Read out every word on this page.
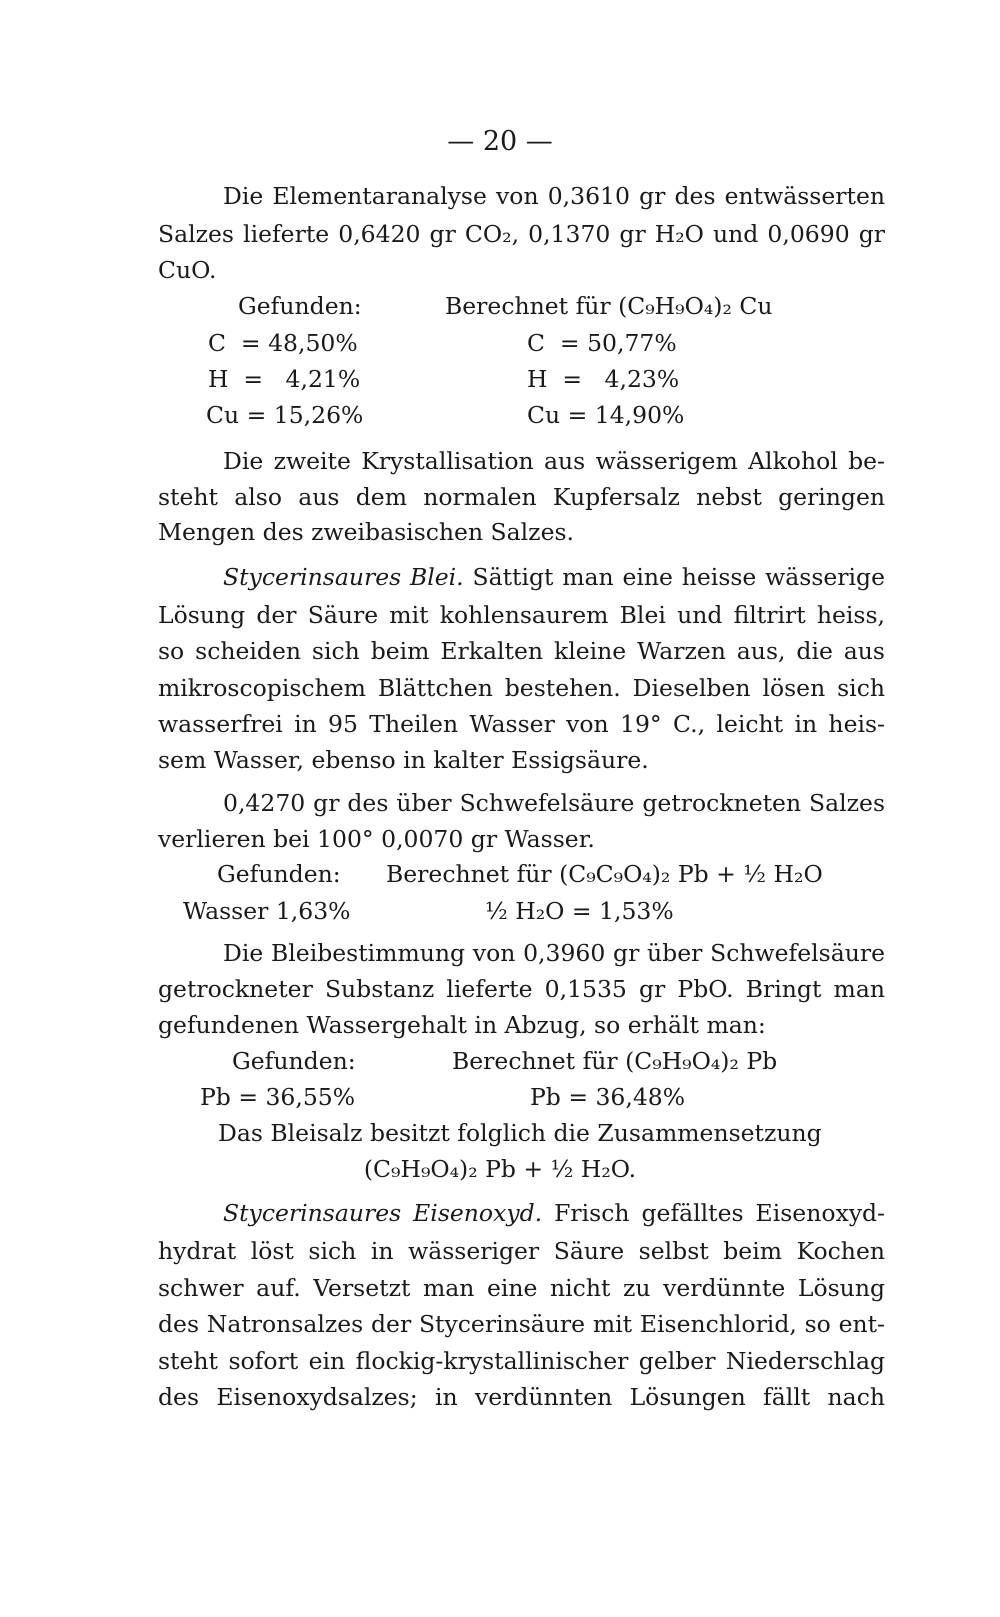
— 20 —
Die Elementaranalyse von 0,3610 gr des entwässerten
Salzes lieferte 0,6420 gr CO₂, 0,1370 gr H₂O und 0,0690 gr
CuO.
Gefunden:	Berechnet für (C₉H₉O₄)₂ Cu
C  = 48,50%	C  = 50,77%
H  =   4,21%	H  =   4,23%
Cu = 15,26%	Cu = 14,90%
Die zweite Krystallisation aus wässerigem Alkohol be-
steht also aus dem normalen Kupfersalz nebst geringen
Mengen des zweibasischen Salzes.
Stycerinsaures Blei. Sättigt man eine heisse wässerige
Lösung der Säure mit kohlensaurem Blei und filtrirt heiss,
so scheiden sich beim Erkalten kleine Warzen aus, die aus
mikroscopischem Blättchen bestehen. Dieselben lösen sich
wasserfrei in 95 Theilen Wasser von 19° C., leicht in heis-
sem Wasser, ebenso in kalter Essigsäure.
0,4270 gr des über Schwefelsäure getrockneten Salzes
verlieren bei 100° 0,0070 gr Wasser.
Gefunden: Berechnet für (C₉C₉O₄)₂ Pb + ½ H₂O
Wasser 1,63%	½ H₂O = 1,53%
Die Bleibestimmung von 0,3960 gr über Schwefelsäure
getrockneter Substanz lieferte 0,1535 gr PbO. Bringt man
gefundenen Wassergehalt in Abzug, so erhält man:
Gefunden:	Berechnet für (C₉H₉O₄)₂ Pb
Pb = 36,55%	Pb = 36,48%
Das Bleisalz besitzt folglich die Zusammensetzung
(C₉H₉O₄)₂ Pb + ½ H₂O.
Stycerinsaures Eisenoxyd. Frisch gefälltes Eisenoxyd-
hydrat löst sich in wässeriger Säure selbst beim Kochen
schwer auf. Versetzt man eine nicht zu verdünnte Lösung
des Natronsalzes der Stycerinsäure mit Eisenchlorid, so ent-
steht sofort ein flockig-krystallinischer gelber Niederschlag
des Eisenoxydsalzes; in verdünnten Lösungen fällt nach
